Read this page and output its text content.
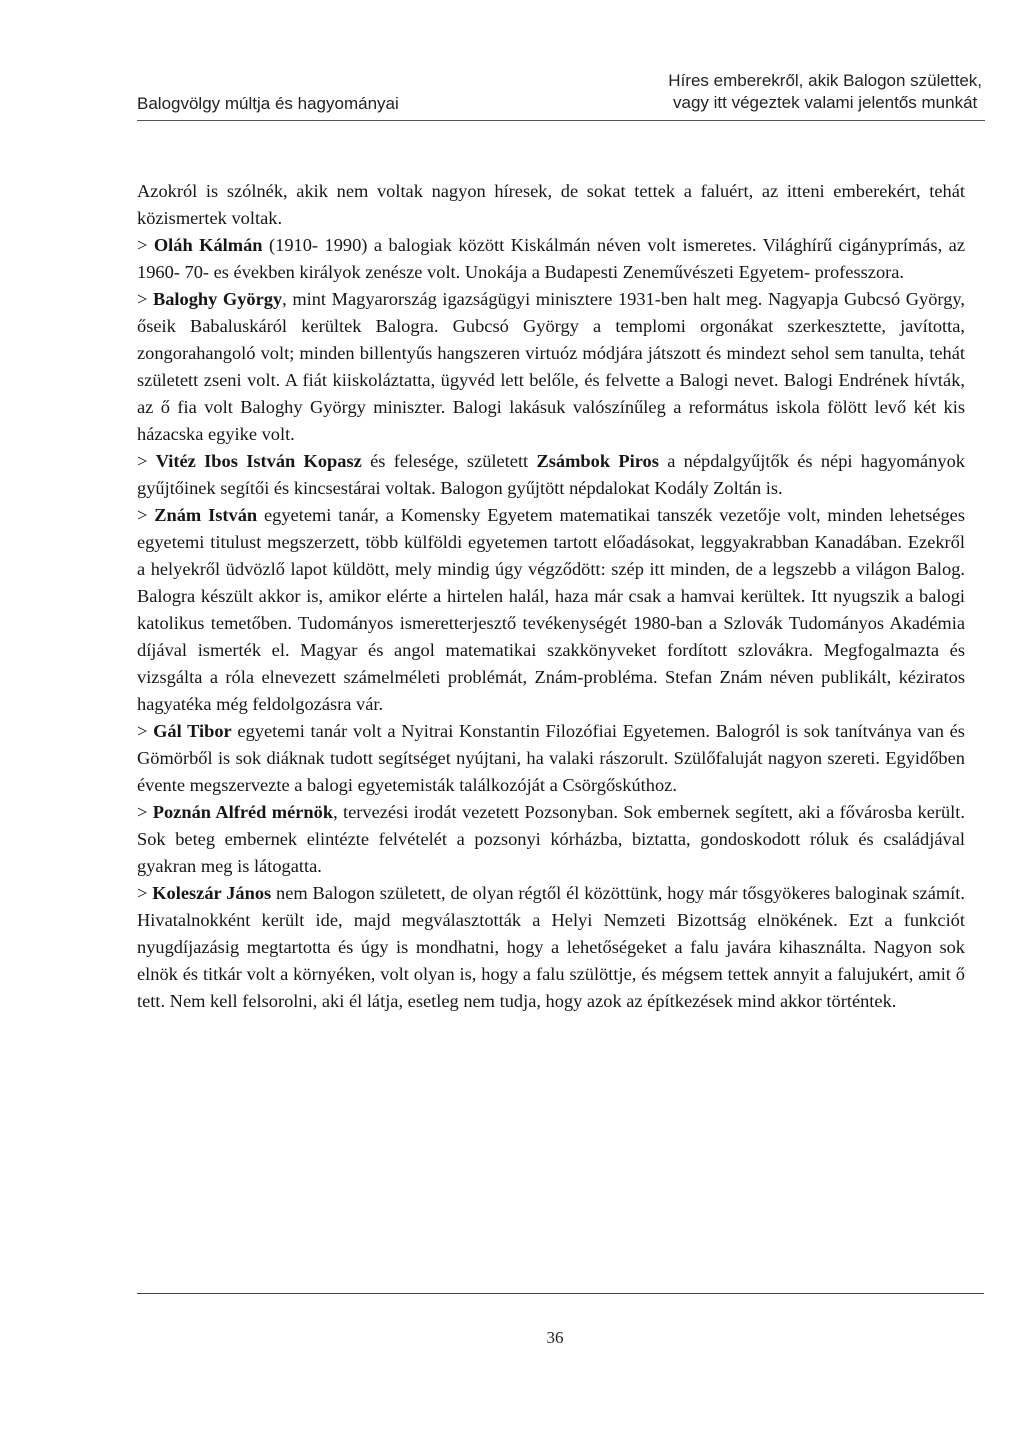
Balogvölgy múltja és hagyományai
Híres emberekről, akik Balogon születtek,
vagy itt végeztek valami jelentős munkát

Azokról is szólnék, akik nem voltak nagyon híresek, de sokat tettek a faluért, az itteni emberekért, tehát közismertek voltak.

> Oláh Kálmán (1910- 1990) a balogiak között Kiskálmán néven volt ismeretes. Világhírű cigányprímás, az 1960- 70- es években királyok zenésze volt. Unokája a Budapesti Zeneművészeti Egyetem- professzora.

> Baloghy György, mint Magyarország igazságügyi minisztere 1931-ben halt meg. Nagyapja Gubcsó György, őseik Babaluskáról kerültek Balogra. Gubcsó György a templomi orgonákat szerkesztette, javította, zongorahangoló volt; minden billentyűs hangszeren virtuóz módjára játszott és mindezt sehol sem tanulta, tehát született zseni volt. A fiát kiiskoláztatta, ügyvéd lett belőle, és felvette a Balogi nevet. Balogi Endrének hívták, az ő fia volt Baloghy György miniszter. Balogi lakásuk valószínűleg a református iskola fölött levő két kis házacska egyike volt.

> Vitéz Ibos István Kopasz és felesége, született Zsámbok Piros a népdalgyűjtők és népi hagyományok gyűjtőinek segítői és kincsestárai voltak. Balogon gyűjtött népdalokat Kodály Zoltán is.

> Znám István egyetemi tanár, a Komensky Egyetem matematikai tanszék vezetője volt, minden lehetséges egyetemi titulust megszerzett, több külföldi egyetemen tartott előadásokat, leggyakrabban Kanadában. Ezekről a helyekről üdvözlő lapot küldött, mely mindig úgy végződött: szép itt minden, de a legszebb a világon Balog. Balogra készült akkor is, amikor elérte a hirtelen halál, haza már csak a hamvai kerültek. Itt nyugszik a balogi katolikus temetőben. Tudományos ismeretterjesztő tevékenységét 1980-ban a Szlovák Tudományos Akadémia díjával ismerték el. Magyar és angol matematikai szakkönyveket fordított szlovákra. Megfogalmazta és vizsgálta a róla elnevezett számelméleti problémát, Znám-probléma. Stefan Znám néven publikált, kéziratos hagyatéka még feldolgozásra vár.

> Gál Tibor egyetemi tanár volt a Nyitrai Konstantin Filozófiai Egyetemen. Balogról is sok tanítványa van és Gömörből is sok diáknak tudott segítséget nyújtani, ha valaki rászorult. Szülőfaluját nagyon szereti. Egyidőben évente megszervezte a balogi egyetemisták találkozóját a Csörgőskúthoz.

> Poznán Alfréd mérnök, tervezési irodát vezetett Pozsonyban. Sok embernek segített, aki a fővárosba került. Sok beteg embernek elintézte felvételét a pozsonyi kórházba, biztatta, gondoskodott róluk és családjával gyakran meg is látogatta.

> Koleszár János nem Balogon született, de olyan régtől él közöttünk, hogy már tősgyökeres baloginak számít. Hivatalnokként került ide, majd megválasztották a Helyi Nemzeti Bizottság elnökének. Ezt a funkciót nyugdíjazásig megtartotta és úgy is mondhatni, hogy a lehetőségeket a falu javára kihasználta. Nagyon sok elnök és titkár volt a környéken, volt olyan is, hogy a falu szülöttje, és mégsem tettek annyit a falujukért, amit ő tett. Nem kell felsorolni, aki él látja, esetleg nem tudja, hogy azok az építkezések mind akkor történtek.

36
